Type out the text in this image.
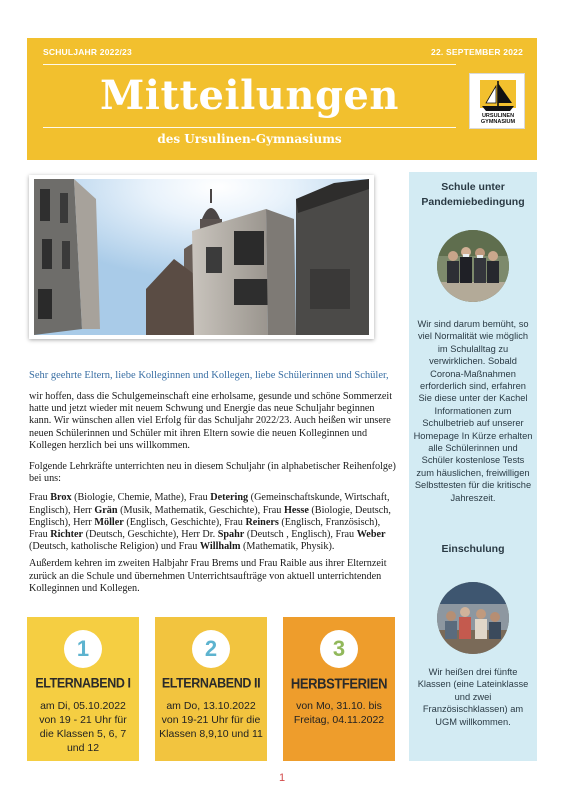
SCHULJAHR 2022/23	22. SEPTEMBER 2022
Mitteilungen
des Ursulinen-Gymnasiums
URSULINEN
GYMNASIUM
Sehr geehrte Eltern, liebe Kolleginnen und Kollegen, liebe Schülerinnen und Schüler,

wir hoffen, dass die Schulgemeinschaft eine erholsame, gesunde und schöne Sommerzeit hatte und jetzt wieder mit neuem Schwung und Energie das neue Schuljahr beginnen kann. Wir wünschen allen viel Erfolg für das Schuljahr 2022/23. Auch heißen wir unsere neuen Schülerinnen und Schüler mit ihren Eltern sowie die neuen Kolleginnen und Kollegen herzlich bei uns willkommen.

Folgende Lehrkräfte unterrichten neu in diesem Schuljahr (in alphabetischer Reihenfolge) bei uns:

Frau Brox (Biologie, Chemie, Mathe), Frau Detering (Gemeinschaftskunde, Wirtschaft, Englisch), Herr Grän (Musik, Mathematik, Geschichte), Frau Hesse (Biologie, Deutsch, Englisch), Herr Möller (Englisch, Geschichte), Frau Reiners (Englisch, Französisch), Frau Richter (Deutsch, Geschichte), Herr Dr. Spahr (Deutsch , Englisch), Frau Weber (Deutsch, katholische Religion) und Frau Willhalm (Mathematik, Physik).

Außerdem kehren im zweiten Halbjahr Frau Brems und Frau Raible aus ihrer Elternzeit zurück an die Schule und übernehmen Unterrichtsaufträge von aktuell unterrichtenden Kolleginnen und Kollegen.

1
ELTERNABEND I
am Di, 05.10.2022 von 19 - 21 Uhr für die Klassen 5, 6, 7 und 12
2
ELTERNABEND II
am Do, 13.10.2022 von 19-21 Uhr für die Klassen 8,9,10 und 11
3
HERBSTFERIEN
von Mo, 31.10. bis Freitag, 04.11.2022
Schule unter Pandemiebedingung
Wir sind darum bemüht, so viel Normalität wie möglich im Schulalltag zu verwirklichen. Sobald Corona-Maßnahmen erforderlich sind, erfahren Sie diese unter der Kachel Informationen zum Schulbetrieb auf unserer Homepage In Kürze erhalten alle Schülerinnen und Schüler kostenlose Tests zum häuslichen, freiwilligen Selbsttesten für die kritische Jahreszeit.
Einschulung
Wir heißen drei fünfte Klassen (eine Lateinklasse und zwei Französischklassen) am UGM willkommen.
1
